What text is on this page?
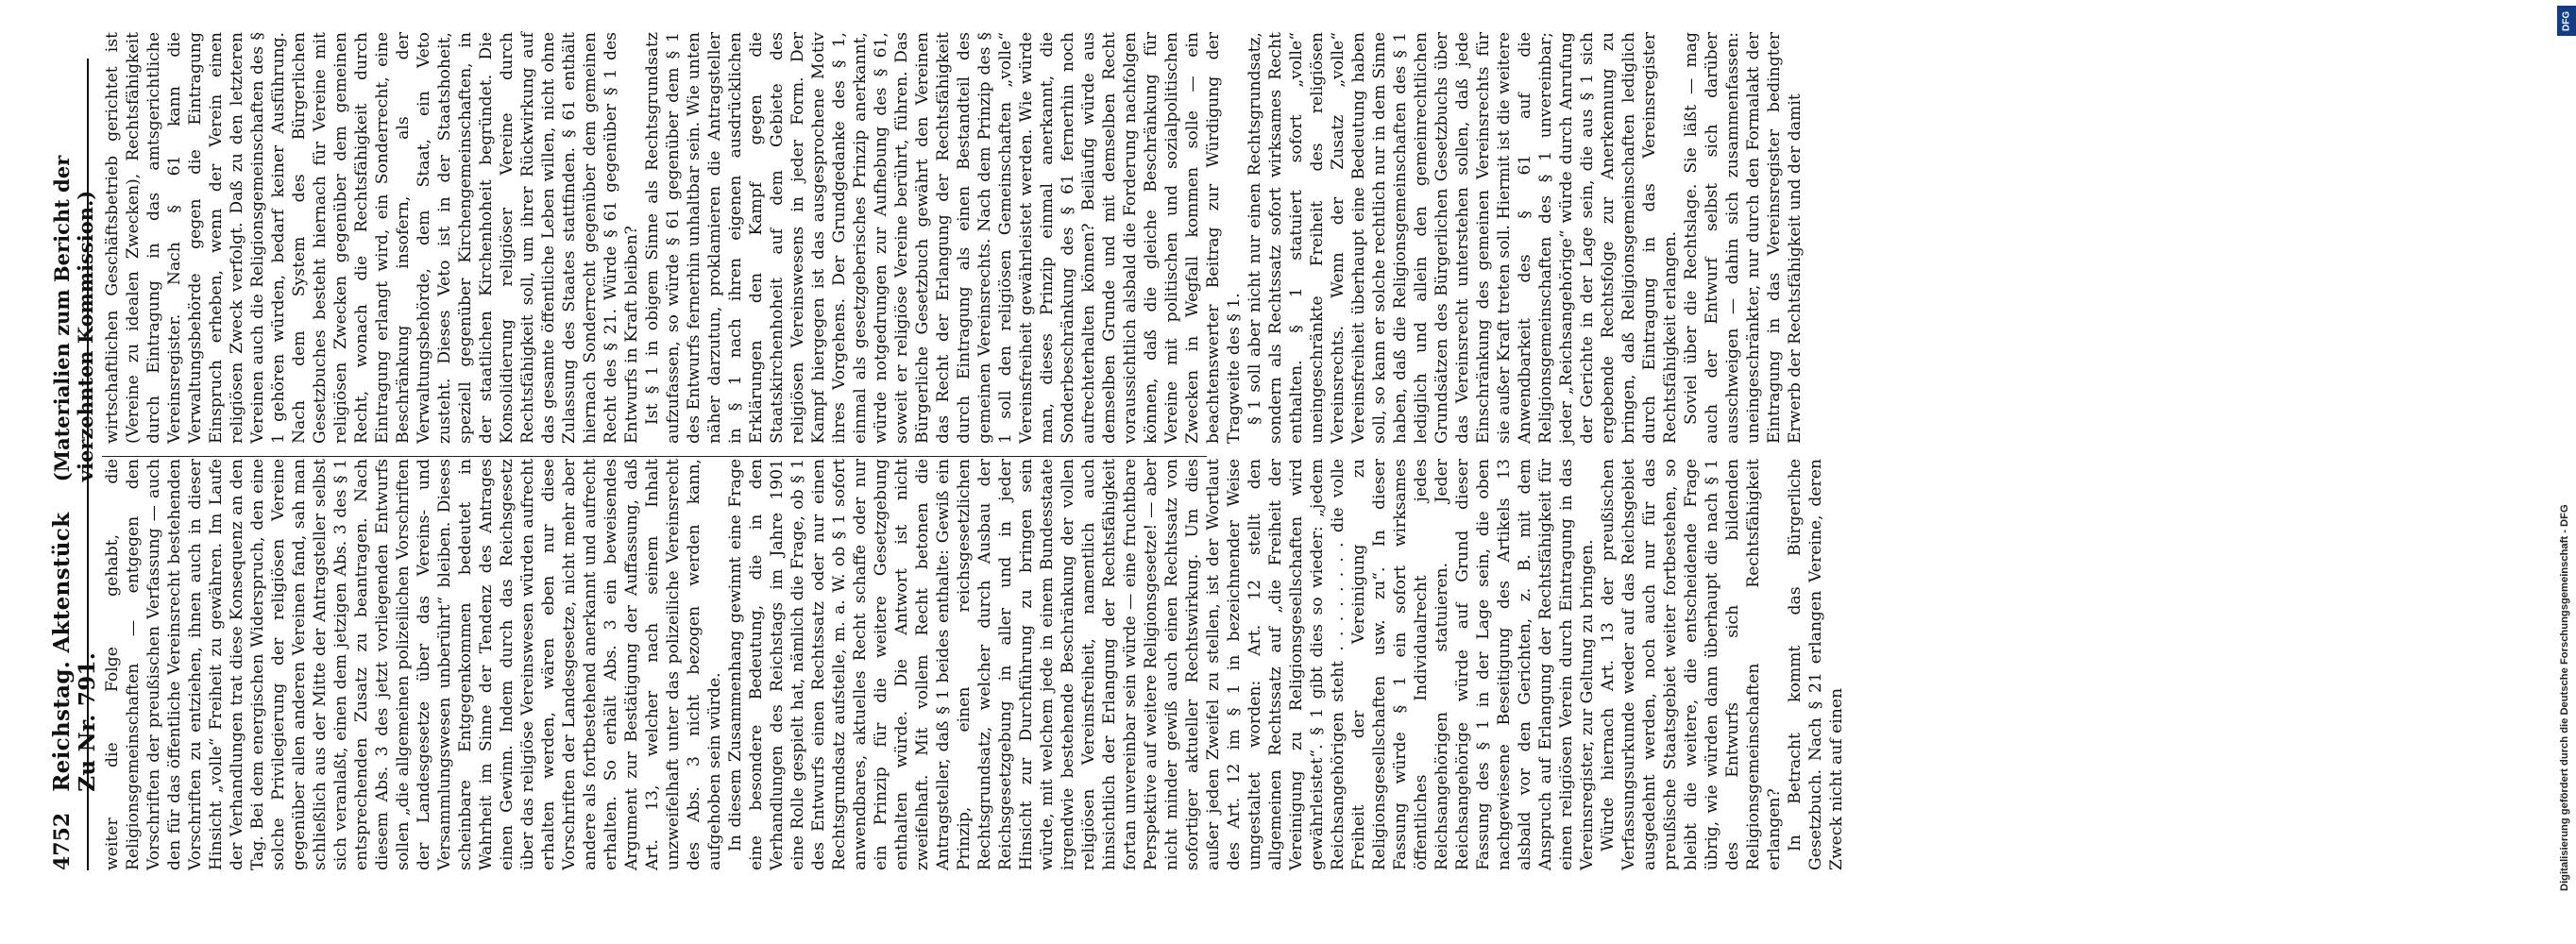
4752
Reichstag. Aktenstück Zu Nr. 791.
(Materialien zum Bericht der vierzehnten Kommission.)

weiter die Folge gehabt, die Religionsgemeinschaften — entgegen den Vorschriften der preußischen Verfassung — auch den für das öffentliche Vereinsrecht bestehenden Vorschriften zu entziehen, ihnen auch in dieser Hinsicht „volle“ Freiheit zu gewähren. Im Laufe der Verhandlungen trat diese Konsequenz an den Tag. Bei dem energischen Widerspruch, den eine solche Privilegierung der religiösen Vereine gegenüber allen anderen Vereinen fand, sah man schließlich aus der Mitte der Antragsteller selbst sich veranlaßt, einen dem jetzigen Abs. 3 des § 1 entsprechenden Zusatz zu beantragen. Nach diesem Abs. 3 des jetzt vorliegenden Entwurfs sollen „die allgemeinen polizeilichen Vorschriften der Landesgesetze über das Vereins- und Versammlungswesen unberührt“ bleiben. Dieses scheinbare Entgegenkommen bedeutet in Wahrheit im Sinne der Tendenz des Antrages einen Gewinn. Indem durch das Reichsgesetz über das religiöse Vereinswesen würden aufrecht erhalten werden, wären eben nur diese Vorschriften der Landesgesetze, nicht mehr aber andere als fortbestehend anerkannt und aufrecht erhalten. So erhält Abs. 3 ein beweisendes Argument zur Bestätigung der Auffassung, daß Art. 13, welcher nach seinem Inhalt unzweifelhaft unter das polizeiliche Vereinsrecht des Abs. 3 nicht bezogen werden kann, aufgehoben sein würde. In diesem Zusammenhang gewinnt eine Frage eine besondere Bedeutung, die in den Verhandlungen des Reichstags im Jahre 1901 eine Rolle gespielt hat, nämlich die Frage, ob § 1 des Entwurfs einen Rechtssatz oder nur einen Rechtsgrundsatz aufstelle, m. a. W. ob § 1 sofort anwendbares, aktuelles Recht schaffe oder nur ein Prinzip für die weitere Gesetzgebung enthalten würde. Die Antwort ist nicht zweifelhaft. Mit vollem Recht betonen die Antragsteller, daß § 1 beides enthalte: Gewiß ein Prinzip, einen reichsgesetzlichen Rechtsgrundsatz, welcher durch Ausbau der Reichsgesetzgebung in aller und in jeder Hinsicht zur Durchführung zu bringen sein würde, mit welchem jede in einem Bundesstaate irgendwie bestehende Beschränkung der vollen religiösen Vereinsfreiheit, namentlich auch hinsichtlich der Erlangung der Rechtsfähigkeit fortan unvereinbar sein würde — eine fruchtbare Perspektive auf weitere Religionsgesetze! — aber nicht minder gewiß auch einen Rechtssatz von sofortiger aktueller Rechtswirkung. Um dies außer jeden Zweifel zu stellen, ist der Wortlaut des Art. 12 im § 1 in bezeichnender Weise umgestaltet worden: Art. 12 stellt den allgemeinen Rechtssatz auf „die Freiheit der Vereinigung zu Religionsgesellschaften wird gewährleistet“. § 1 gibt dies so wieder: „jedem Reichsangehörigen steht . . . . . . . . die volle Freiheit der Vereinigung zu Religionsgesellschaften usw. zu“. In dieser Fassung würde § 1 ein sofort wirksames öffentliches Individualrecht jedes Reichsangehörigen statuieren. Jeder Reichsangehörige würde auf Grund dieser Fassung des § 1 in der Lage sein, die oben nachgewiesene Beseitigung des Artikels 13 alsbald vor den Gerichten, z. B. mit dem Anspruch auf Erlangung der Rechtsfähigkeit für einen religiösen Verein durch Eintragung in das Vereinsregister, zur Geltung zu bringen. Würde hiernach Art. 13 der preußischen Verfassungsurkunde weder auf das Reichsgebiet ausgedehnt werden, noch auch nur für das preußische Staatsgebiet weiter fortbestehen, so bleibt die weitere, die entscheidende Frage übrig, wie würden dann überhaupt die nach § 1 des Entwurfs sich bildenden Religionsgemeinschaften Rechtsfähigkeit erlangen? In Betracht kommt das Bürgerliche Gesetzbuch. Nach § 21 erlangen Vereine, deren Zweck nicht auf einen

wirtschaftlichen Geschäftsbetrieb gerichtet ist (Vereine zu idealen Zwecken), Rechtsfähigkeit durch Eintragung in das amtsgerichtliche Vereinsregister. Nach § 61 kann die Verwaltungsbehörde gegen die Eintragung Einspruch erheben, wenn der Verein einen religiösen Zweck verfolgt. Daß zu den letzteren Vereinen auch die Religionsgemeinschaften des § 1 gehören würden, bedarf keiner Ausführung. Nach dem System des Bürgerlichen Gesetzbuches besteht hiernach für Vereine mit religiösen Zwecken gegenüber dem gemeinen Recht, wonach die Rechtsfähigkeit durch Eintragung erlangt wird, ein Sonderrecht, eine Beschränkung insofern, als der Verwaltungsbehörde, dem Staat, ein Veto zusteht. Dieses Veto ist in der Staatshoheit, speziell gegenüber Kirchengemeinschaften, in der staatlichen Kirchenhoheit begründet. Die Konsolidierung religiöser Vereine durch Rechtsfähigkeit soll, um ihrer Rückwirkung auf das gesamte öffentliche Leben willen, nicht ohne Zulassung des Staates stattfinden. § 61 enthält hiernach Sonderrecht gegenüber dem gemeinen Recht des § 21. Würde § 61 gegenüber § 1 des Entwurfs in Kraft bleiben? Ist § 1 in obigem Sinne als Rechtsgrundsatz aufzufassen, so würde § 61 gegenüber dem § 1 des Entwurfs fernerhin unhaltbar sein. Wie unten näher darzutun, proklamieren die Antragsteller in § 1 nach ihren eigenen ausdrücklichen Erklärungen den Kampf gegen die Staatskirchenhoheit auf dem Gebiete des religiösen Vereinswesens in jeder Form. Der Kampf hiergegen ist das ausgesprochene Motiv ihres Vorgehens. Der Grundgedanke des § 1, einmal als gesetzgeberisches Prinzip anerkannt, würde notgedrungen zur Aufhebung des § 61, soweit er religiöse Vereine berührt, führen. Das Bürgerliche Gesetzbuch gewährt den Vereinen das Recht der Erlangung der Rechtsfähigkeit durch Eintragung als einen Bestandteil des gemeinen Vereinsrechts. Nach dem Prinzip des § 1 soll den religiösen Gemeinschaften „volle“ Vereinsfreiheit gewährleistet werden. Wie würde man, dieses Prinzip einmal anerkannt, die Sonderbeschränkung des § 61 fernerhin noch aufrechterhalten können? Beiläufig würde aus demselben Grunde und mit demselben Recht voraussichtlich alsbald die Forderung nachfolgen können, daß die gleiche Beschränkung für Vereine mit politischen und sozialpolitischen Zwecken in Wegfall kommen solle — ein beachtenswerter Beitrag zur Würdigung der Tragweite des § 1. § 1 soll aber nicht nur einen Rechtsgrundsatz, sondern als Rechtssatz sofort wirksames Recht enthalten. § 1 statuiert sofort „volle“ uneingeschränkte Freiheit des religiösen Vereinsrechts. Wenn der Zusatz „volle“ Vereinsfreiheit überhaupt eine Bedeutung haben soll, so kann er solche rechtlich nur in dem Sinne haben, daß die Religionsgemeinschaften des § 1 lediglich und allein den gemeinrechtlichen Grundsätzen des Bürgerlichen Gesetzbuchs über das Vereinsrecht unterstehen sollen, daß jede Einschränkung des gemeinen Vereinsrechts für sie außer Kraft treten soll. Hiermit ist die weitere Anwendbarkeit des § 61 auf die Religionsgemeinschaften des § 1 unvereinbar; jeder „Reichsangehörige“ würde durch Anrufung der Gerichte in der Lage sein, die aus § 1 sich ergebende Rechtsfolge zur Anerkennung zu bringen, daß Religionsgemeinschaften lediglich durch Eintragung in das Vereinsregister Rechtsfähigkeit erlangen. Soviel über die Rechtslage. Sie läßt — mag auch der Entwurf selbst sich darüber ausschweigen — dahin sich zusammenfassen: uneingeschränkter, nur durch den Formalakt der Eintragung in das Vereinsregister bedingter Erwerb der Rechtsfähigkeit und der damit

DFG
Digitalisierung gefördert durch die Deutsche Forschungsgemeinschaft - DFG
